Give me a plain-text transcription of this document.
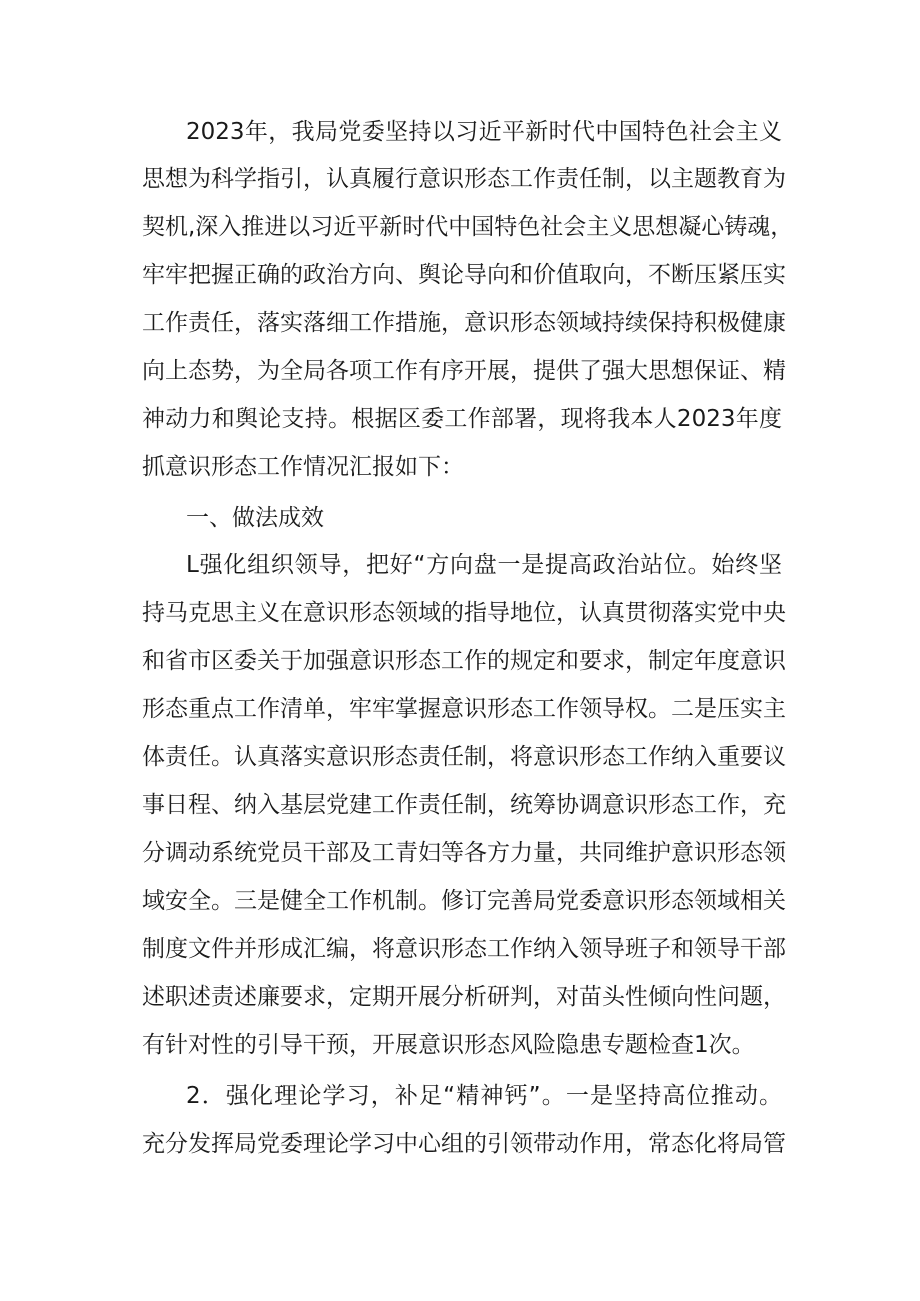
2023年，我局党委坚持以习近平新时代中国特色社会主义
思想为科学指引，认真履行意识形态工作责任制，以主题教育为
契机,深入推进以习近平新时代中国特色社会主义思想凝心铸魂，
牢牢把握正确的政治方向、舆论导向和价值取向，不断压紧压实
工作责任，落实落细工作措施，意识形态领域持续保持积极健康
向上态势，为全局各项工作有序开展，提供了强大思想保证、精
神动力和舆论支持。根据区委工作部署，现将我本人2023年度
抓意识形态工作情况汇报如下：
一、做法成效
L强化组织领导，把好“方向盘一是提高政治站位。始终坚
持马克思主义在意识形态领域的指导地位，认真贯彻落实党中央
和省市区委关于加强意识形态工作的规定和要求，制定年度意识
形态重点工作清单，牢牢掌握意识形态工作领导权。二是压实主
体责任。认真落实意识形态责任制，将意识形态工作纳入重要议
事日程、纳入基层党建工作责任制，统筹协调意识形态工作，充
分调动系统党员干部及工青妇等各方力量，共同维护意识形态领
域安全。三是健全工作机制。修订完善局党委意识形态领域相关
制度文件并形成汇编，将意识形态工作纳入领导班子和领导干部
述职述责述廉要求，定期开展分析研判，对苗头性倾向性问题，
有针对性的引导干预，开展意识形态风险隐患专题检查1次。
2．强化理论学习，补足“精神钙”。一是坚持高位推动。
充分发挥局党委理论学习中心组的引领带动作用，常态化将局管
